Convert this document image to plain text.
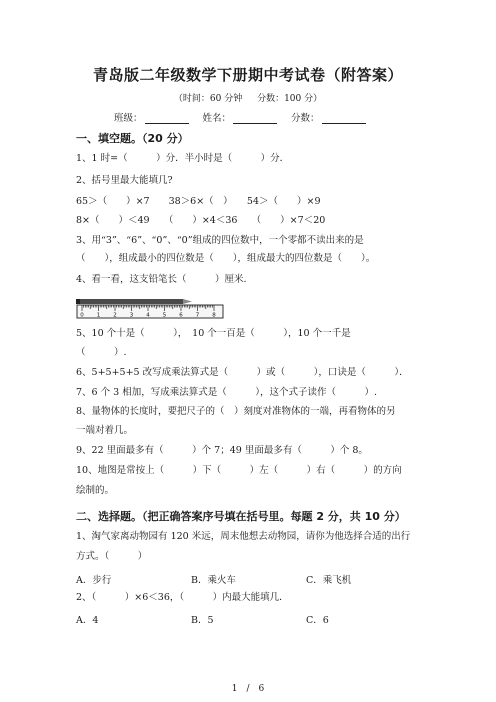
青岛版二年级数学下册期中考试卷（附答案）
（时间：60 分钟 分数：100 分）
班级：	姓名：	分数：
一、填空题。（20 分）
1、1 时=（　　　）分．半小时是（　　　）分．
2、括号里最大能填几?
65＞（　　）×7　　38＞6×（　）　　54＞（　　）×9
8×（　　）＜49　　（　　）×4＜36　　（　　）×7＜20
3、用“3”、“6”、“0”、“0”组成的四位数中，一个零都不读出来的是
（　　），组成最小的四位数是（　　），组成最大的四位数是（　　）。
4、看一看，这支铅笔长（　　　）厘米.
0 1 2 3 4 5 6 7 8
5、10 个十是（　　　），　10 个一百是（　　　），10 个一千是
（　　　）.
6、5+5+5+5 改写成乘法算式是（　　　）或（　　　），口诀是（　　　）．
7、6 个 3 相加，写成乘法算式是（　　　），这个式子读作（　　　）.
8、量物体的长度时，要把尺子的（　）刻度对准物体的一端，再看物体的另
一端对着几。
9、22 里面最多有（　　　）个 7；49 里面最多有（　　　）个 8。
10、地图是常按上（　　　）下（　　　）左（　　　）右（　　　）的方向
绘制的。
二、选择题。（把正确答案序号填在括号里。每题 2 分，共 10 分）
1、淘气家离动物园有 120 米远，周末他想去动物园，请你为他选择合适的出行
方式。（　　　）
A．步行	B．乘火车	C．乘飞机
2、（　　　）×6＜36，（　　　）内最大能填几．
A．4	B．5	C．6
1　/　6
